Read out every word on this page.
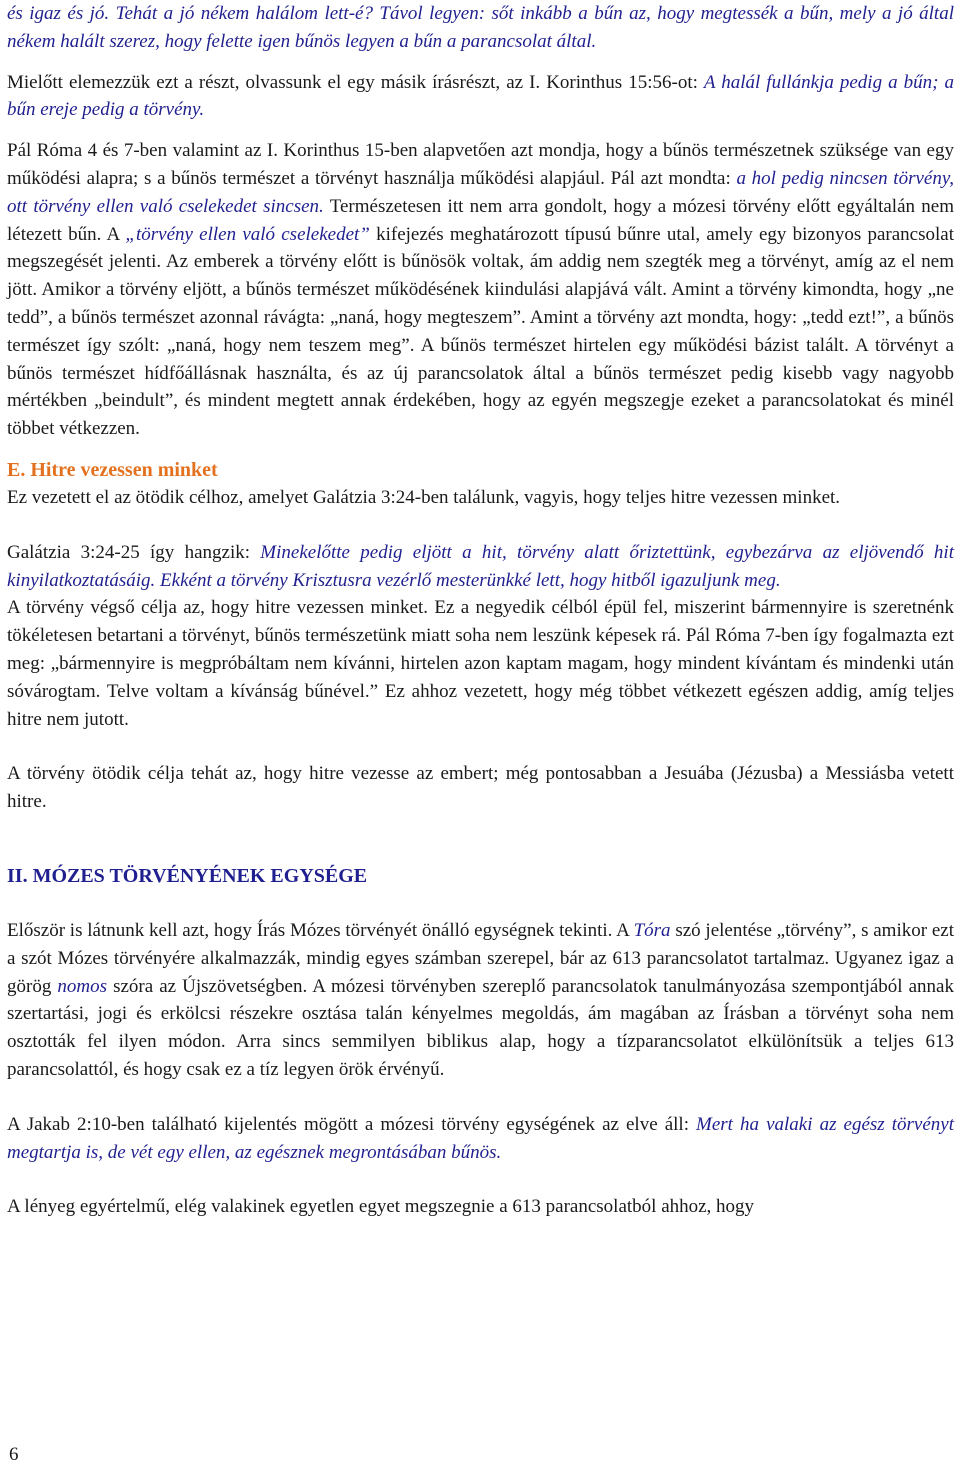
és igaz és jó. Tehát a jó nékem halálom lett-é? Távol legyen: sőt inkább a bűn az, hogy megtessék a bűn, mely a jó által nékem halált szerez, hogy felette igen bűnös legyen a bűn a parancsolat által.

Mielőtt elemezzük ezt a részt, olvassunk el egy másik írásrészt, az I. Korinthus 15:56-ot: A halál fullánkja pedig a bűn; a bűn ereje pedig a törvény.

Pál Róma 4 és 7-ben valamint az I. Korinthus 15-ben alapvetően azt mondja, hogy a bűnös természetnek szüksége van egy működési alapra; s a bűnös természet a törvényt használja működési alapjául. Pál azt mondta: a hol pedig nincsen törvény, ott törvény ellen való cselekedet sincsen. Természetesen itt nem arra gondolt, hogy a mózesi törvény előtt egyáltalán nem létezett bűn. A „törvény ellen való cselekedet” kifejezés meghatározott típusú bűnre utal, amely egy bizonyos parancsolat megszegését jelenti. Az emberek a törvény előtt is bűnösök voltak, ám addig nem szegték meg a törvényt, amíg az el nem jött. Amikor a törvény eljött, a bűnös természet működésének kiindulási alapjává vált. Amint a törvény kimondta, hogy „ne tedd”, a bűnös természet azonnal rávágta: „naná, hogy megteszem”. Amint a törvény azt mondta, hogy: „tedd ezt!”, a bűnös természet így szólt: „naná, hogy nem teszem meg”. A bűnös természet hirtelen egy működési bázist talált. A törvényt a bűnös természet hídfőállásnak használta, és az új parancsolatok által a bűnös természet pedig kisebb vagy nagyobb mértékben „beindult”, és mindent megtett annak érdekében, hogy az egyén megszegje ezeket a parancsolatokat és minél többet vétkezzen.

E. Hitre vezessen minket

Ez vezetett el az ötödik célhoz, amelyet Galátzia 3:24-ben találunk, vagyis, hogy teljes hitre vezessen minket.

Galátzia 3:24-25 így hangzik: Minekelőtte pedig eljött a hit, törvény alatt őriztettünk, egybezárva az eljövendő hit kinyilatkoztatásáig. Ekként a törvény Krisztusra vezérlő mesterünkké lett, hogy hitből igazuljunk meg.

A törvény végső célja az, hogy hitre vezessen minket. Ez a negyedik célból épül fel, miszerint bármennyire is szeretnénk tökéletesen betartani a törvényt, bűnös természetünk miatt soha nem leszünk képesek rá. Pál Róma 7-ben így fogalmazta ezt meg: „bármennyire is megpróbáltam nem kívánni, hirtelen azon kaptam magam, hogy mindent kívántam és mindenki után sóvárogtam. Telve voltam a kívánság bűnével.” Ez ahhoz vezetett, hogy még többet vétkezett egészen addig, amíg teljes hitre nem jutott.

A törvény ötödik célja tehát az, hogy hitre vezesse az embert; még pontosabban a Jesuába (Jézusba) a Messiásba vetett hitre.

II. MÓZES TÖRVÉNYÉNEK EGYSÉGE

Először is látnunk kell azt, hogy Írás Mózes törvényét önálló egységnek tekinti. A Tóra szó jelentése „törvény”, s amikor ezt a szót Mózes törvényére alkalmazzák, mindig egyes számban szerepel, bár az 613 parancsolatot tartalmaz. Ugyanez igaz a görög nomos szóra az Újszövetségben. A mózesi törvényben szereplő parancsolatok tanulmányozása szempontjából annak szertartási, jogi és erkölcsi részekre osztása talán kényelmes megoldás, ám magában az Írásban a törvényt soha nem osztották fel ilyen módon. Arra sincs semmilyen biblikus alap, hogy a tízparancsolatot elkülönítsük a teljes 613 parancsolattól, és hogy csak ez a tíz legyen örök érvényű.

A Jakab 2:10-ben található kijelentés mögött a mózesi törvény egységének az elve áll: Mert ha valaki az egész törvényt megtartja is, de vét egy ellen, az egésznek megrontásában bűnös.

A lényeg egyértelmű, elég valakinek egyetlen egyet megszegnie a 613 parancsolatból ahhoz, hogy

6
